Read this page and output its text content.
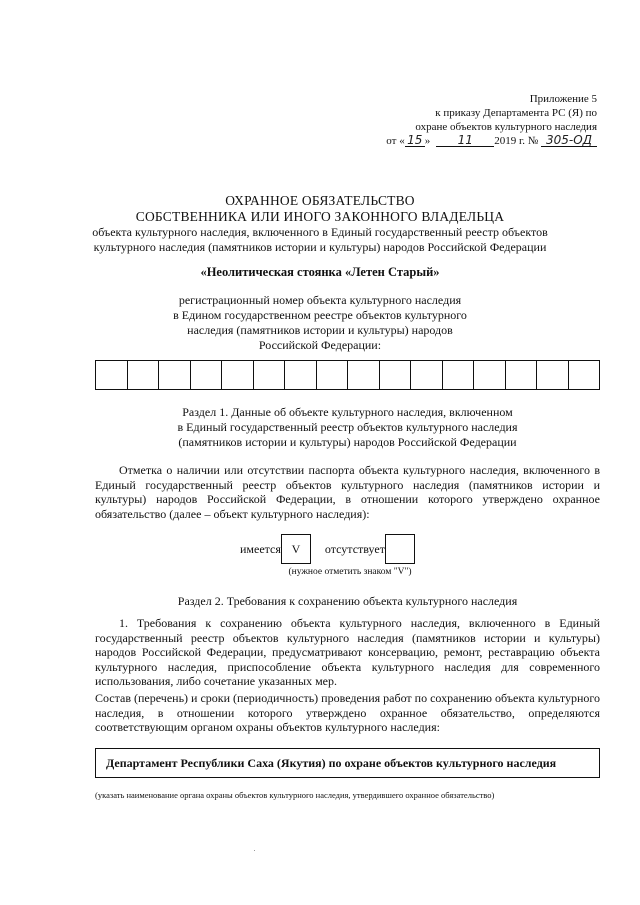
Приложение 5
к приказу Департамента РС (Я) по
охране объектов культурного наследия
от « 15 » 11 2019 г. № 305-ОД
ОХРАННОЕ ОБЯЗАТЕЛЬСТВО
СОБСТВЕННИКА ИЛИ ИНОГО ЗАКОННОГО ВЛАДЕЛЬЦА
объекта культурного наследия, включенного в Единый государственный реестр объектов
культурного наследия (памятников истории и культуры) народов Российской Федерации
«Неолитическая стоянка «Летен Старый»
регистрационный номер объекта культурного наследия
в Едином государственном реестре объектов культурного
наследия (памятников истории и культуры) народов
Российской Федерации:
Раздел 1. Данные об объекте культурного наследия, включенном
в Единый государственный реестр объектов культурного наследия
(памятников истории и культуры) народов Российской Федерации
Отметка о наличии или отсутствии паспорта объекта культурного наследия, включенного в Единый государственный реестр объектов культурного наследия (памятников истории и культуры) народов Российской Федерации, в отношении которого утверждено охранное обязательство (далее – объект культурного наследия):
имеется V	отсутствует
(нужное отметить знаком "V")
Раздел 2. Требования к сохранению объекта культурного наследия
1. Требования к сохранению объекта культурного наследия, включенного в Единый государственный реестр объектов культурного наследия (памятников истории и культуры) народов Российской Федерации, предусматривают консервацию, ремонт, реставрацию объекта культурного наследия, приспособление объекта культурного наследия для современного использования, либо сочетание указанных мер.
Состав (перечень) и сроки (периодичность) проведения работ по сохранению объекта культурного наследия, в отношении которого утверждено охранное обязательство, определяются соответствующим органом охраны объектов культурного наследия:
Департамент Республики Саха (Якутия) по охране объектов культурного наследия
(указать наименование органа охраны объектов культурного наследия, утвердившего охранное обязательство)
